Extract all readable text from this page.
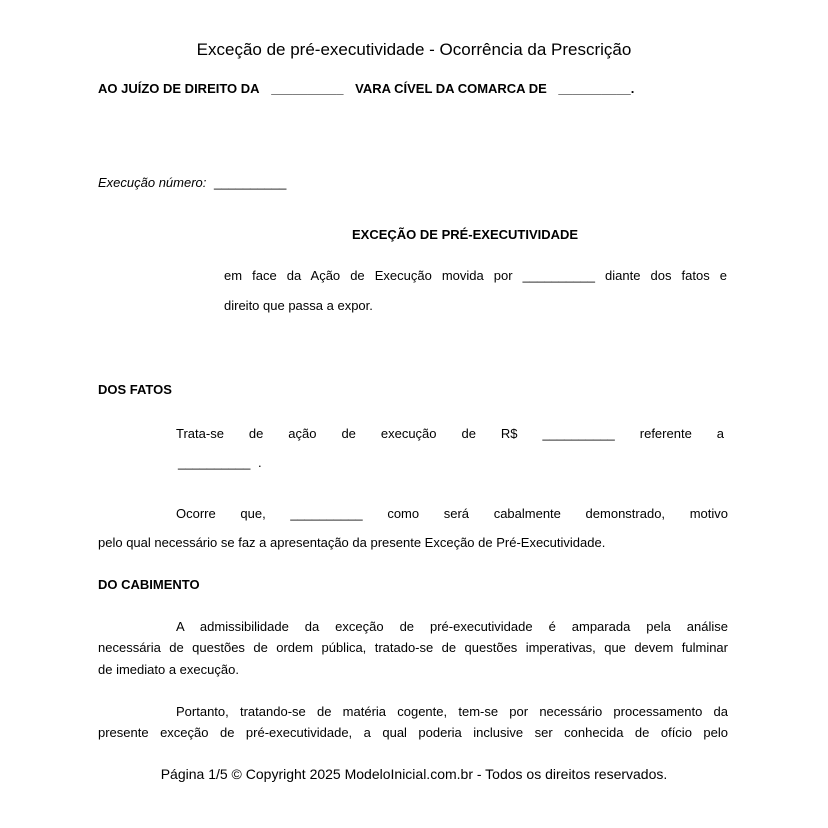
Exceção de pré-executividade - Ocorrência da Prescrição
AO JUÍZO DE DIREITO DA __________ VARA CÍVEL DA COMARCA DE __________.
Execução número: __________
EXCEÇÃO DE PRÉ-EXECUTIVIDADE
em face da Ação de Execução movida por __________ diante dos fatos e
direito que passa a expor.
DOS FATOS
Trata-se de ação de execução de R$ __________ referente a
__________ .
Ocorre que, __________ como será cabalmente demonstrado, motivo
pelo qual necessário se faz a apresentação da presente Exceção de Pré-Executividade.
DO CABIMENTO
A admissibilidade da exceção de pré-executividade é amparada pela análise
necessária de questões de ordem pública, tratado-se de questões imperativas, que devem fulminar
de imediato a execução.
Portanto, tratando-se de matéria cogente, tem-se por necessário processamento da
presente exceção de pré-executividade, a qual poderia inclusive ser conhecida de ofício pelo
Página 1/5 © Copyright 2025 ModeloInicial.com.br - Todos os direitos reservados.
